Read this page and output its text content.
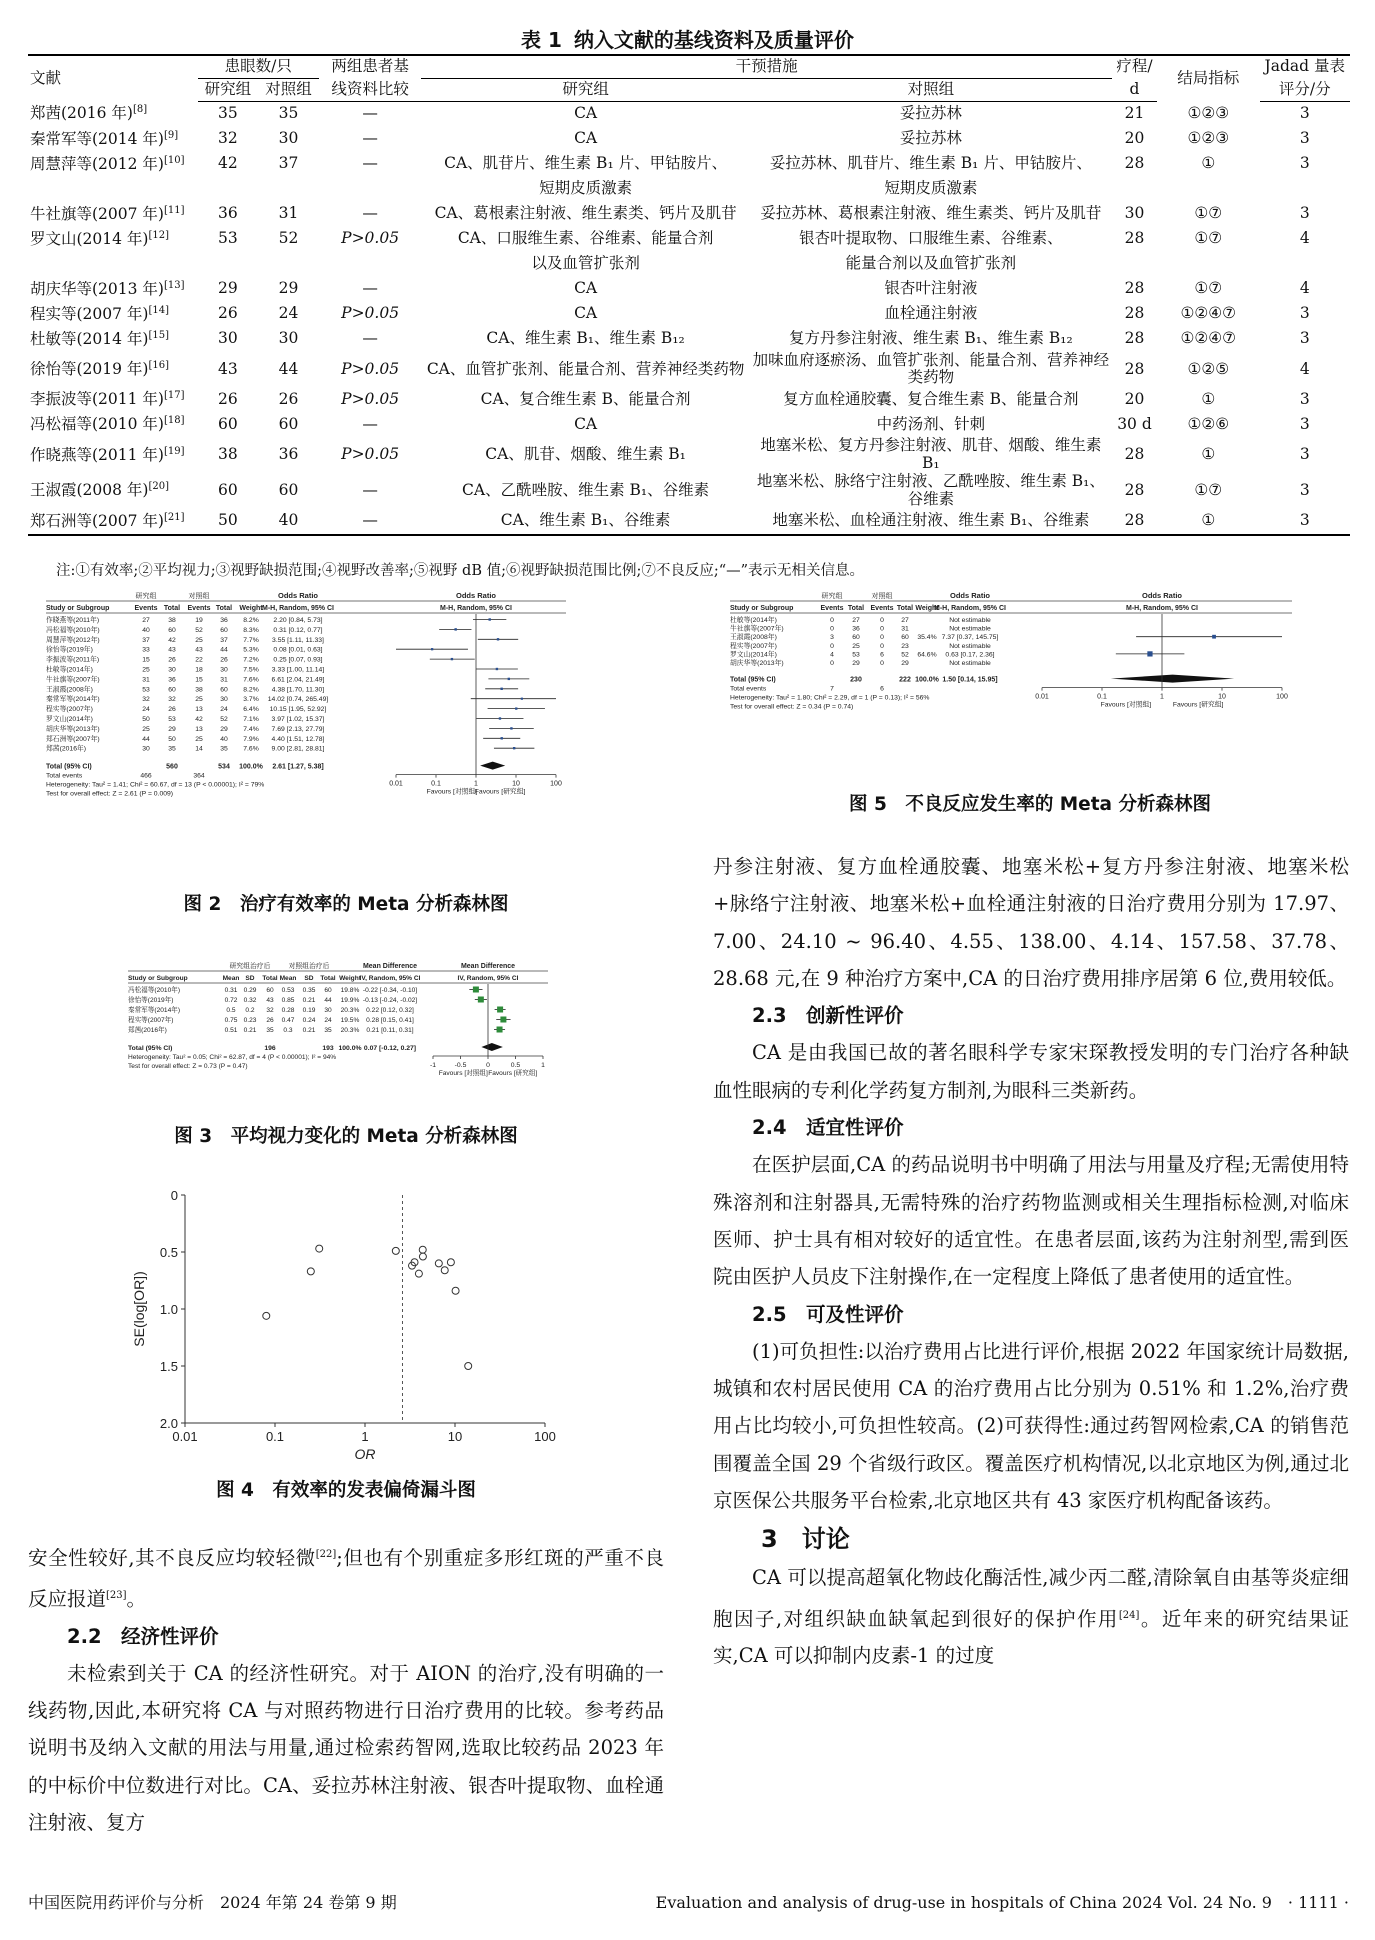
表 1 纳入文献的基线资料及质量评价
文献	患眼数/只		两组患者基	干预措施		疗程/	结局指标	Jadad 量表
	研究组	对照组	线资料比较	研究组	对照组	d		评分/分
郑茜(2016 年)[8]	35	35	—	CA	妥拉苏林	21	①②③	3
秦常军等(2014 年)[9]	32	30	—	CA	妥拉苏林	20	①②③	3
周慧萍等(2012 年)[10]	42	37	—	CA、肌苷片、维生素 B₁ 片、甲钴胺片、	妥拉苏林、肌苷片、维生素 B₁ 片、甲钴胺片、	28	①	3
				短期皮质激素	短期皮质激素			
牛社旗等(2007 年)[11]	36	31	—	CA、葛根素注射液、维生素类、钙片及肌苷	妥拉苏林、葛根素注射液、维生素类、钙片及肌苷	30	①⑦	3
罗文山(2014 年)[12]	53	52	P>0.05	CA、口服维生素、谷维素、能量合剂	银杏叶提取物、口服维生素、谷维素、	28	①⑦	4
				以及血管扩张剂	能量合剂以及血管扩张剂			
胡庆华等(2013 年)[13]	29	29	—	CA	银杏叶注射液	28	①⑦	4
程实等(2007 年)[14]	26	24	P>0.05	CA	血栓通注射液	28	①②④⑦	3
杜敏等(2014 年)[15]	30	30	—	CA、维生素 B₁、维生素 B₁₂	复方丹参注射液、维生素 B₁、维生素 B₁₂	28	①②④⑦	3
徐怡等(2019 年)[16]	43	44	P>0.05	CA、血管扩张剂、能量合剂、营养神经类药物	加味血府逐瘀汤、血管扩张剂、能量合剂、营养神经类药物	28	①②⑤	4
李振波等(2011 年)[17]	26	26	P>0.05	CA、复合维生素 B、能量合剂	复方血栓通胶囊、复合维生素 B、能量合剂	20	①	3
冯松福等(2010 年)[18]	60	60	—	CA	中药汤剂、针刺	30 d	①②⑥	3
作晓燕等(2011 年)[19]	38	36	P>0.05	CA、肌苷、烟酸、维生素 B₁	地塞米松、复方丹参注射液、肌苷、烟酸、维生素 B₁	28	①	3
王淑霞(2008 年)[20]	60	60	—	CA、乙酰唑胺、维生素 B₁、谷维素	地塞米松、脉络宁注射液、乙酰唑胺、维生素 B₁、谷维素	28	①⑦	3
郑石洲等(2007 年)[21]	50	40	—	CA、维生素 B₁、谷维素	地塞米松、血栓通注射液、维生素 B₁、谷维素	28	①	3
注:①有效率;②平均视力;③视野缺损范围;④视野改善率;⑤视野 dB 值;⑥视野缺损范围比例;⑦不良反应;“—”表示无相关信息。
研究组	对照组	Odds Ratio	Odds Ratio
Study or Subgroup	Events Total Events Total Weight M-H, Random, 95% CI	M-H, Random, 95% CI
作晓燕等(2011年)	27	38	19	36 8.2% 2.20 [0.84, 5.73]
冯松福等(2010年)	40	60	52	60 8.3% 0.31 [0.12, 0.77]
周慧萍等(2012年)	37	42	25	37 7.7% 3.55 [1.11, 11.33]
徐怡等(2019年)	33	43	43	44 5.3% 0.08 [0.01, 0.63]
李振波等(2011年)	15	26	22	26 7.2% 0.25 [0.07, 0.93]
杜敏等(2014年)	25	30	18	30 7.5% 3.33 [1.00, 11.14]
牛社旗等(2007年)	31	36	15	31 7.6% 6.61 [2.04, 21.49]
王淑霞(2008年)	53	60	38	60 8.2% 4.38 [1.70, 11.30]
秦常军等(2014年)	32	32	25	30 3.7% 14.02 [0.74, 265.49]
程实等(2007年)	24	26	13	24 6.4% 10.15 [1.95, 52.92]
罗文山(2014年)	50	53	42	52 7.1% 3.97 [1.02, 15.37]
胡庆华等(2013年)	25	29	13	29 7.4% 7.69 [2.13, 27.79]
郑石洲等(2007年)	44	50	25	40 7.9% 4.40 [1.51, 12.78]
郑茜(2016年)	30	35	14	35 7.6% 9.00 [2.81, 28.81]
Total (95% CI)	560	534 100.0% 2.61 [1.27, 5.38]
Total events	466	364
Heterogeneity: Tau² = 1.41; Chi² = 60.67, df = 13 (P < 0.00001); I² = 79%
Test for overall effect: Z = 2.61 (P = 0.009)
0.01	0.1	1	10	100
Favours [对照组]
Favours [研究组]
图 2　治疗有效率的 Meta 分析森林图
研究组治疗后	对照组治疗后	Mean Difference	Mean Difference
Study or Subgroup	Mean SD Total Mean SD Total Weight
IV, Random, 95% CI	IV, Random, 95% CI
冯松福等(2010年)	0.31 0.29 60 0.53 0.35 60 19.8% -0.22 [-0.34, -0.10]
徐怡等(2019年)	0.72 0.32 43 0.85 0.21 44 19.9% -0.13 [-0.24, -0.02]
秦常军等(2014年)	0.5 0.2 32 0.28 0.19 30 20.3% 0.22 [0.12, 0.32]
程实等(2007年)	0.75 0.23 26 0.47 0.24 24 19.5% 0.28 [0.15, 0.41]
郑茜(2016年)	0.51 0.21 35 0.3 0.21 35 20.3% 0.21 [0.11, 0.31]
Total (95% CI)	196	193 100.0% 0.07 [-0.12, 0.27]
Heterogeneity: Tau² = 0.05; Chi² = 62.87, df = 4 (P < 0.00001); I² = 94%
Test for overall effect: Z = 0.73 (P = 0.47)	-1	-0.5	0	0.5	1
Favours [对照组] Favours [研究组]
图 3　平均视力变化的 Meta 分析森林图
0
0.5
1.0
1.5
2.0
0.01	0.1	1	10	100
OR
SE(log[OR])
图 4　有效率的发表偏倚漏斗图
研究组	对照组	Odds Ratio	Odds Ratio
Study or Subgroup	Events Total Events Total Weight
M-H, Random, 95% CI	M-H, Random, 95% CI
杜敏等(2014年)	0	27	0	27	Not estimable
牛社旗等(2007年)	0	36	0	31	Not estimable
王淑霞(2008年)	3	60	0	60 35.4% 7.37 [0.37, 145.75]
程实等(2007年)	0	25	0	23	Not estimable
罗文山(2014年)	4	53	6	52 64.6% 0.63 [0.17, 2.36]
胡庆华等(2013年)	0	29	0	29	Not estimable
Total (95% CI)	230	222 100.0% 1.50 [0.14, 15.95]
Total events	7	6
Heterogeneity: Tau² = 1.80; Chi² = 2.29, df = 1 (P = 0.13); I² = 56%
Test for overall effect: Z = 0.34 (P = 0.74)
0.01	0.1	1	10	100
Favours [对照组]	Favours [研究组]
图 5　不良反应发生率的 Meta 分析森林图

安全性较好,其不良反应均较轻微[22];但也有个别重症多形红斑的严重不良反应报道[23]。

2.2　经济性评价

未检索到关于 CA 的经济性研究。对于 AION 的治疗,没有明确的一线药物,因此,本研究将 CA 与对照药物进行日治疗费用的比较。参考药品说明书及纳入文献的用法与用量,通过检索药智网,选取比较药品 2023 年的中标价中位数进行对比。CA、妥拉苏林注射液、银杏叶提取物、血栓通注射液、复方

丹参注射液、复方血栓通胶囊、地塞米松+复方丹参注射液、地塞米松+脉络宁注射液、地塞米松+血栓通注射液的日治疗费用分别为 17.97、7.00、24.10 ~ 96.40、4.55、138.00、4.14、157.58、37.78、28.68 元,在 9 种治疗方案中,CA 的日治疗费用排序居第 6 位,费用较低。

2.3　创新性评价

CA 是由我国已故的著名眼科学专家宋琛教授发明的专门治疗各种缺血性眼病的专利化学药复方制剂,为眼科三类新药。

2.4　适宜性评价

在医护层面,CA 的药品说明书中明确了用法与用量及疗程;无需使用特殊溶剂和注射器具,无需特殊的治疗药物监测或相关生理指标检测,对临床医师、护士具有相对较好的适宜性。在患者层面,该药为注射剂型,需到医院由医护人员皮下注射操作,在一定程度上降低了患者使用的适宜性。

2.5　可及性评价

(1)可负担性:以治疗费用占比进行评价,根据 2022 年国家统计局数据,城镇和农村居民使用 CA 的治疗费用占比分别为 0.51% 和 1.2%,治疗费用占比均较小,可负担性较高。(2)可获得性:通过药智网检索,CA 的销售范围覆盖全国 29 个省级行政区。覆盖医疗机构情况,以北京地区为例,通过北京医保公共服务平台检索,北京地区共有 43 家医疗机构配备该药。

3　讨论

CA 可以提高超氧化物歧化酶活性,减少丙二醛,清除氧自由基等炎症细胞因子,对组织缺血缺氧起到很好的保护作用[24]。近年来的研究结果证实,CA 可以抑制内皮素-1 的过度

中国医院用药评价与分析　2024 年第 24 卷第 9 期	Evaluation and analysis of drug-use in hospitals of China 2024 Vol. 24 No. 9　· 1111 ·
